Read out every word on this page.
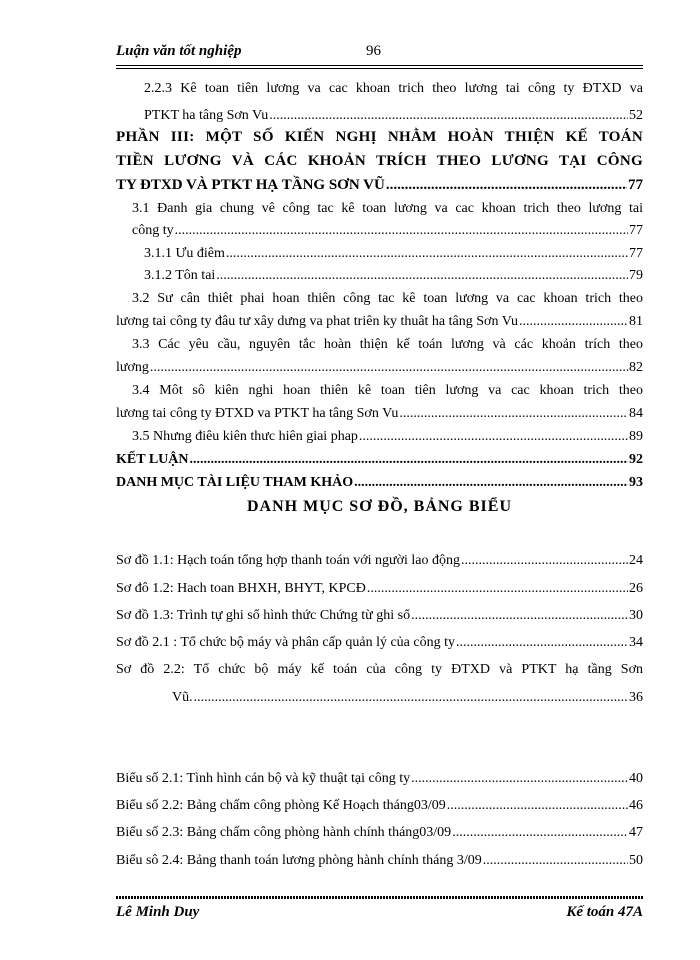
Luận văn tốt nghiệp	96
2.2.3 Kê toan tiên lương va cac khoan trich theo lương tai công ty ĐTXD va
PTKT ha tâng Sơn Vu .....	52
PHẦN III: MỘT SỐ KIẾN NGHỊ NHẰM HOÀN THIỆN KẾ TOÁN
TIỀN LƯƠNG VÀ CÁC KHOẢN TRÍCH THEO LƯƠNG TẠI CÔNG
TY ĐTXD VÀ PTKT HẠ TẦNG SƠN VŨ .....	77
3.1 Đanh gia chung vê công tac kê toan lương va cac khoan trich theo lương tai
công ty .....	77
3.1.1 Ưu điêm .....	77
3.1.2 Tôn tai .....	79
3.2 Sư cân thiêt phai hoan thiên công tac kê toan lương va cac khoan trich theo
lương tai công ty đâu tư xây dưng va phat triên ky thuât ha tâng Sơn Vu .....	81
3.3 Các yêu cầu, nguyên tắc hoàn thiện kế toán lương và các khoản trích theo
lương .....	82
3.4 Môt sô kiên nghi hoan thiên kê toan tiên lương va cac khoan trich theo
lương tai công ty ĐTXD va PTKT ha tâng Sơn Vu .....	84
3.5 Nhưng điêu kiên thưc hiên giai phap .....	89
KẾT LUẬN .....	92
DANH MỤC TÀI LIỆU THAM KHẢO .....	93
DANH MỤC SƠ ĐỒ, BẢNG BIỂU
Sơ đồ 1.1: Hạch toán tổng hợp thanh toán với người lao động .....	24
Sơ đô 1.2: Hach toan BHXH, BHYT, KPCĐ .....	26
Sơ đồ 1.3: Trình tự ghi sổ hình thức Chứng từ ghi sổ .....	30
Sơ đồ 2.1 : Tổ chức bộ máy và phân cấp quản lý của công ty .....	34
Sơ đồ 2.2: Tổ chức bộ máy kế toán của công ty ĐTXD và PTKT hạ tầng Sơn
Vũ. .....	36
Biểu số 2.1: Tình hình cán bộ và kỹ thuật tại công ty .....	40
Biểu số 2.2: Bảng chấm công phòng Kế Hoạch tháng03/09 .....	46
Biểu số 2.3: Bảng chấm công phòng hành chính tháng03/09 .....	47
Biểu sô 2.4: Bảng thanh toán lương phòng hành chính tháng 3/09 .....	50
Lê Minh Duy	Kế toán 47A
